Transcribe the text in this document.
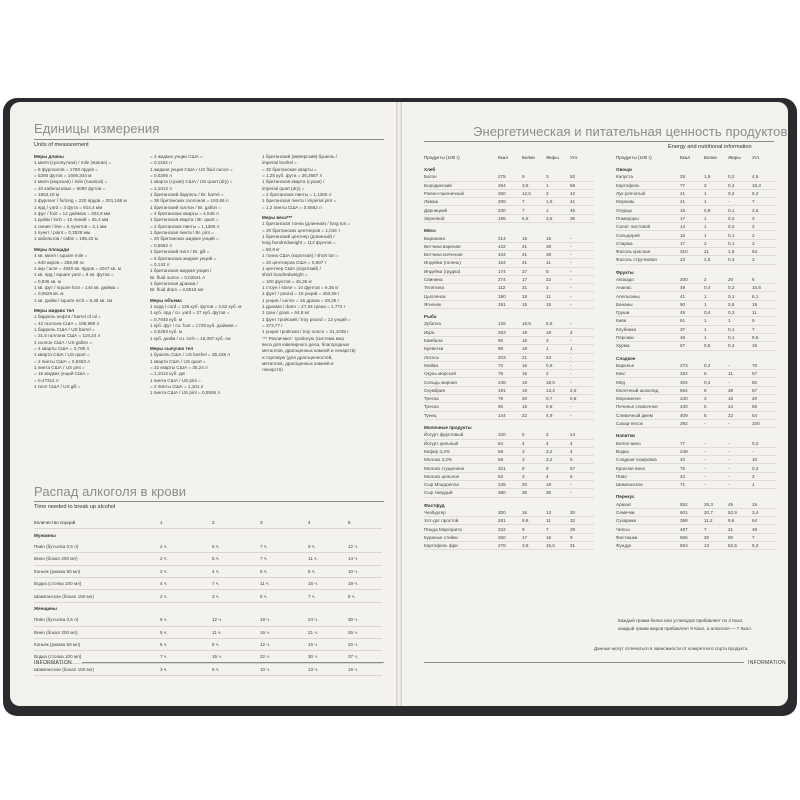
Единицы измерения
Units of measurement
Меры длины
1 миля (сухопутная) / mile (statute) =
= 8 фурлонгов = 1760 ярдов =
= 5280 футов = 1609,344 м
1 миля (морская) / mile (nautical) =
= 10 кабельтовых = 6080 футов =
= 1853,18 м
1 фурлонг / furlong = 220 ярдов = 201,168 м
1 ярд / yard = 3 фута = 914,4 мм
1 фут / foot = 12 дюймов = 304,8 мм
1 дюйм / inch = 10 линий = 25,4 мм
1 линия / line = 6 пунктов = 2,1 мм
1 пункт / point = 0,3528 мм
1 кабельтов / cable = 185,22 м
Меры площади
1 кв. миля / square mile =
= 640 акров = 258,99 га
1 акр / acre = 4840 кв. ярдов = 4047 кв. м
1 кв. ярд / square yard = 9 кв. футов =
= 0,836 кв. м
1 кв. фут / square foot = 144 кв. дюйма =
= 0,0929 кв. м
1 кв. дюйм / square inch = 6,45 кв. см
Меры жидких тел
1 баррель нефти / barrel of oil =
= 42 галлона США = 158,988 л
1 баррель США / US barrel =
= 31,5 галлона США = 119,24 л
1 галлон США / US gallon =
= 4 кварты США = 3,785 л
1 кварта США / US quart =
= 2 пинты США = 0,9463 л
1 пинта США / US pint =
= 16 жидких унций США =
= 0,47312 л
1 гилл США / US gill =
= 4 жидких унции США =
= 0,1183 л
1 жидкая унция США / US fluid ounce =
= 0,0295 л
1 кварта (сухая) США / US quart (dry) =
= 1,1012 л
1 британский баррель / Br. barrel =
= 36 британских галлонов = 163,66 л
1 британский галлон / Br. gallon =
= 4 британских кварты = 4,546 л
1 британская кварта / Br. quart =
= 2 британских пинты = 1,1365 л
1 британская пинта / Br. pint =
= 20 британских жидких унций =
= 0,5682 л
1 британский гилл / Br. gill =
= 5 британских жидких унций =
= 0,142 л
1 британская жидкая унция /
Br. fluid ounce = 0,02841 л
1 британская драхма /
Br. fluid dram = 3,5516 мл
Меры объема
1 корд / cord = 128 куб. футов = 3,62 куб. м
1 куб. ярд / cu. yard = 27 куб. футов =
= 0,7645 куб. м
1 куб. фут / cu. foot = 1728 куб. дюймов =
= 0,0283 куб. м
1 куб. дюйм / cu. inch = 16,387 куб. см
Меры сыпучих тел
1 бушель США / US bushel = 35,238 л
1 кварта США / US quart =
= 32 кварты США = 35,24 л
= 1,1012 куб. дм
1 пинта США / US pint =
= 2 пинты США = 1,101 л
1 пинта США / US pint = 0,5506 л
1 британский (имперский) бушель /
imperial bushel =
= 32 британские кварты =
= 1,28 куб. фута = 36,3687 л
1 британская кварта (сухая) /
imperial quart (dry) =
= 2 британских пинты = 1,1365 л
1 британская пинта / imperial pint =
= 1,2 пинты США = 0,5682 л
Меры веса***
1 британская тонна (длинная) / long ton =
= 20 британских центнеров = 1,016 т
1 британский центнер (длинный) /
long hundredweight = 112 фунтов =
= 50,8 кг
1 тонна США (короткая) / short ton =
= 20 центнеров США = 0,907 т
1 центнер США (короткий) /
short hundredweight =
= 100 фунтов = 45,36 кг
1 стоун / stone = 14 фунтов = 6,35 кг
1 фунт / pound = 16 унций = 453,59 г
1 унция / ounce = 16 драхм = 28,35 г
1 драхма / dram = 27,34 грана = 1,772 г
1 гран / grain = 64,8 мг
1 фунт тройский / troy pound = 12 унций =
= 373,77 г
1 унция тройская / troy ounce = 31,1035 г
*** Различают: тройскую (система мер
веса для ювелирного дела, благородных
металлов, драгоценных камней и лекарств)
и торговую (для драгоценностей,
металлов, драгоценных камней и
лекарств)
Распад алкоголя в крови
Time needed to break up alcohol
Количество порций	1	2	3	4	5
Мужчины					
Пиво (бутылка 0,5 л)	2 ч.	5 ч.	7 ч.	9 ч.	12 ч.
Вино (бокал 200 мл)	2 ч.	5 ч.	7 ч.	11 ч.	14 ч.
Коньяк (рюмка 50 мл)	2 ч.	4 ч.	6 ч.	8 ч.	10 ч.
Водка (стопка 100 мл)	4 ч.	7 ч.	11 ч.	15 ч.	19 ч.
Шампанское (бокал 150 мл)	2 ч.	3 ч.	5 ч.	7 ч.	8 ч.
Женщины					
Пиво (бутылка 0,5 л)	6 ч.	12 ч.	18 ч.	24 ч.	30 ч.
Вино (бокал 200 мл)	5 ч.	11 ч.	16 ч.	21 ч.	26 ч.
Коньяк (рюмка 50 мл)	5 ч.	8 ч.	12 ч.	16 ч.	20 ч.
Водка (стопка 100 мл)	7 ч.	15 ч.	22 ч.	30 ч.	37 ч.
Шампанское (бокал 150 мл)	3 ч.	6 ч.	10 ч.	13 ч.	16 ч.
INFORMATION
Энергетическая и питательная ценность продуктов
Energy and nutritional information
Продукты (100 г)	Ккал	Белки	Жиры	Угл.
Хлеб				
Батон	275	9	3	52
Бородинский	264	3,5	1	58
Ржано-пшеничный	250	12,5	2	42
Лаваш	208	7	1,5	41
Дарницкий	230	7	1	45
Зерновой	195	5,5	3,5	35
Мясо				
Баранина	214	15	15	-
Ветчина вареная	432	21	38	-
Ветчина копченая	434	21	38	-
Индейка (голень)	164	21	11	-
Индейка (грудка)	174	27	5	-
Свинина	274	17	22	-
Телятина	112	21	1	-
Цыпленок	190	18	11	-
Ягненок	191	15	15	-
Рыба				
Зубатка	126	19,5	5,5	-
Икра	263	19	18	2
Камбала	90	16	3	-
Креветки	98	18	1	1
Лосось	203	21	13	-
Мойва	72	16	0,9	-
Окунь морской	79	15	2	-
Сельдь жирная	248	18	18,5	-
Скумбрия	191	18	13,2	2,5
Треска	79	20	0,7	0,8
Треска	65	16	0,6	-
Тунец	144	22	4,9	-
Молочные продукты				
Йогурт фруктовый	100	5	2	14
Йогурт цельный	64	4	4	4
Кефир 3,2%	58	3	3,2	4
Молоко 3,2%	58	3	3,2	5
Молоко сгущенное	321	8	9	57
Молоко цельное	63	3	4	5
Сыр Моцарелла	245	20	18	-
Сыр твердый	380	30	30	-
Фастфуд				
Чизбургер	300	16	13	30
Хот-дог простой	281	9,8	11	32
Пицца Маргарита	222	9	7	29
Куриные стейки	250	17	16	9
Картофель фри	278	3,8	15,5	31
Продукты (100 г)	Ккал	Белки	Жиры	Угл.
Овощи				
Капуста	28	1,8	0,2	4,5
Картофель	77	2	0,4	16,3
Лук репчатый	41	1	0,2	8,2
Морковь	41	1	-	7
Огурцы	15	0,8	0,1	2,5
Помидоры	17	1	0,2	3
Салат листовой	14	1	0,2	2
Сельдерей	15	1	0,1	2
Спаржа	17	2	0,1	3
Фасоль красная	310	21	1,8	54
Фасоль стручковая	23	2,5	0,3	3
Фрукты				
Авокадо	200	2	20	6
Ананас	49	0,4	0,2	10,6
Апельсины	41	1	0,1	8,1
Бананы	90	1	0,5	19
Груши	45	0,4	0,3	11
Киви	61	1	1	9
Клубника	37	1	0,1	7
Персики	48	1	0,1	9,5
Хурма	67	0,5	0,4	15
Сладкое				
Варенье	273	0,4	-	70
Кекс	334	6	11	57
Мёд	304	0,4	-	82
Молочный шоколад	564	9	38	57
Мороженое	240	3	16	20
Печенье сливочное	430	5	24	55
Сливочный джем	409	5	22	54
Сахар-песок	392	-	-	100
Напитки				
Белое вино	77	-	-	0,2
Водка	248	-	-	-
Сладкая газировка	40	-	-	10
Красное вино	75	-	-	0,2
Пиво	42	-	-	3
Шампанское	71	-	-	1
Перекус				
Арахис	552	26,3	45	15
Семечки	601	20,7	52,9	3,4
Сухарики	398	11,2	9,6	64
Чипсы	487	7	21	49
Фисташки	556	20	50	7
Фундук	653	13	62,5	9,3
Каждый грамм белка или углеводов прибавляет по 4 Ккал,
каждый грамм жиров прибавляет 9 Ккал, а алкоголя — 7 Ккал.
Данные могут отличаться в зависимости от конкретного сорта продукта.
INFORMATION
